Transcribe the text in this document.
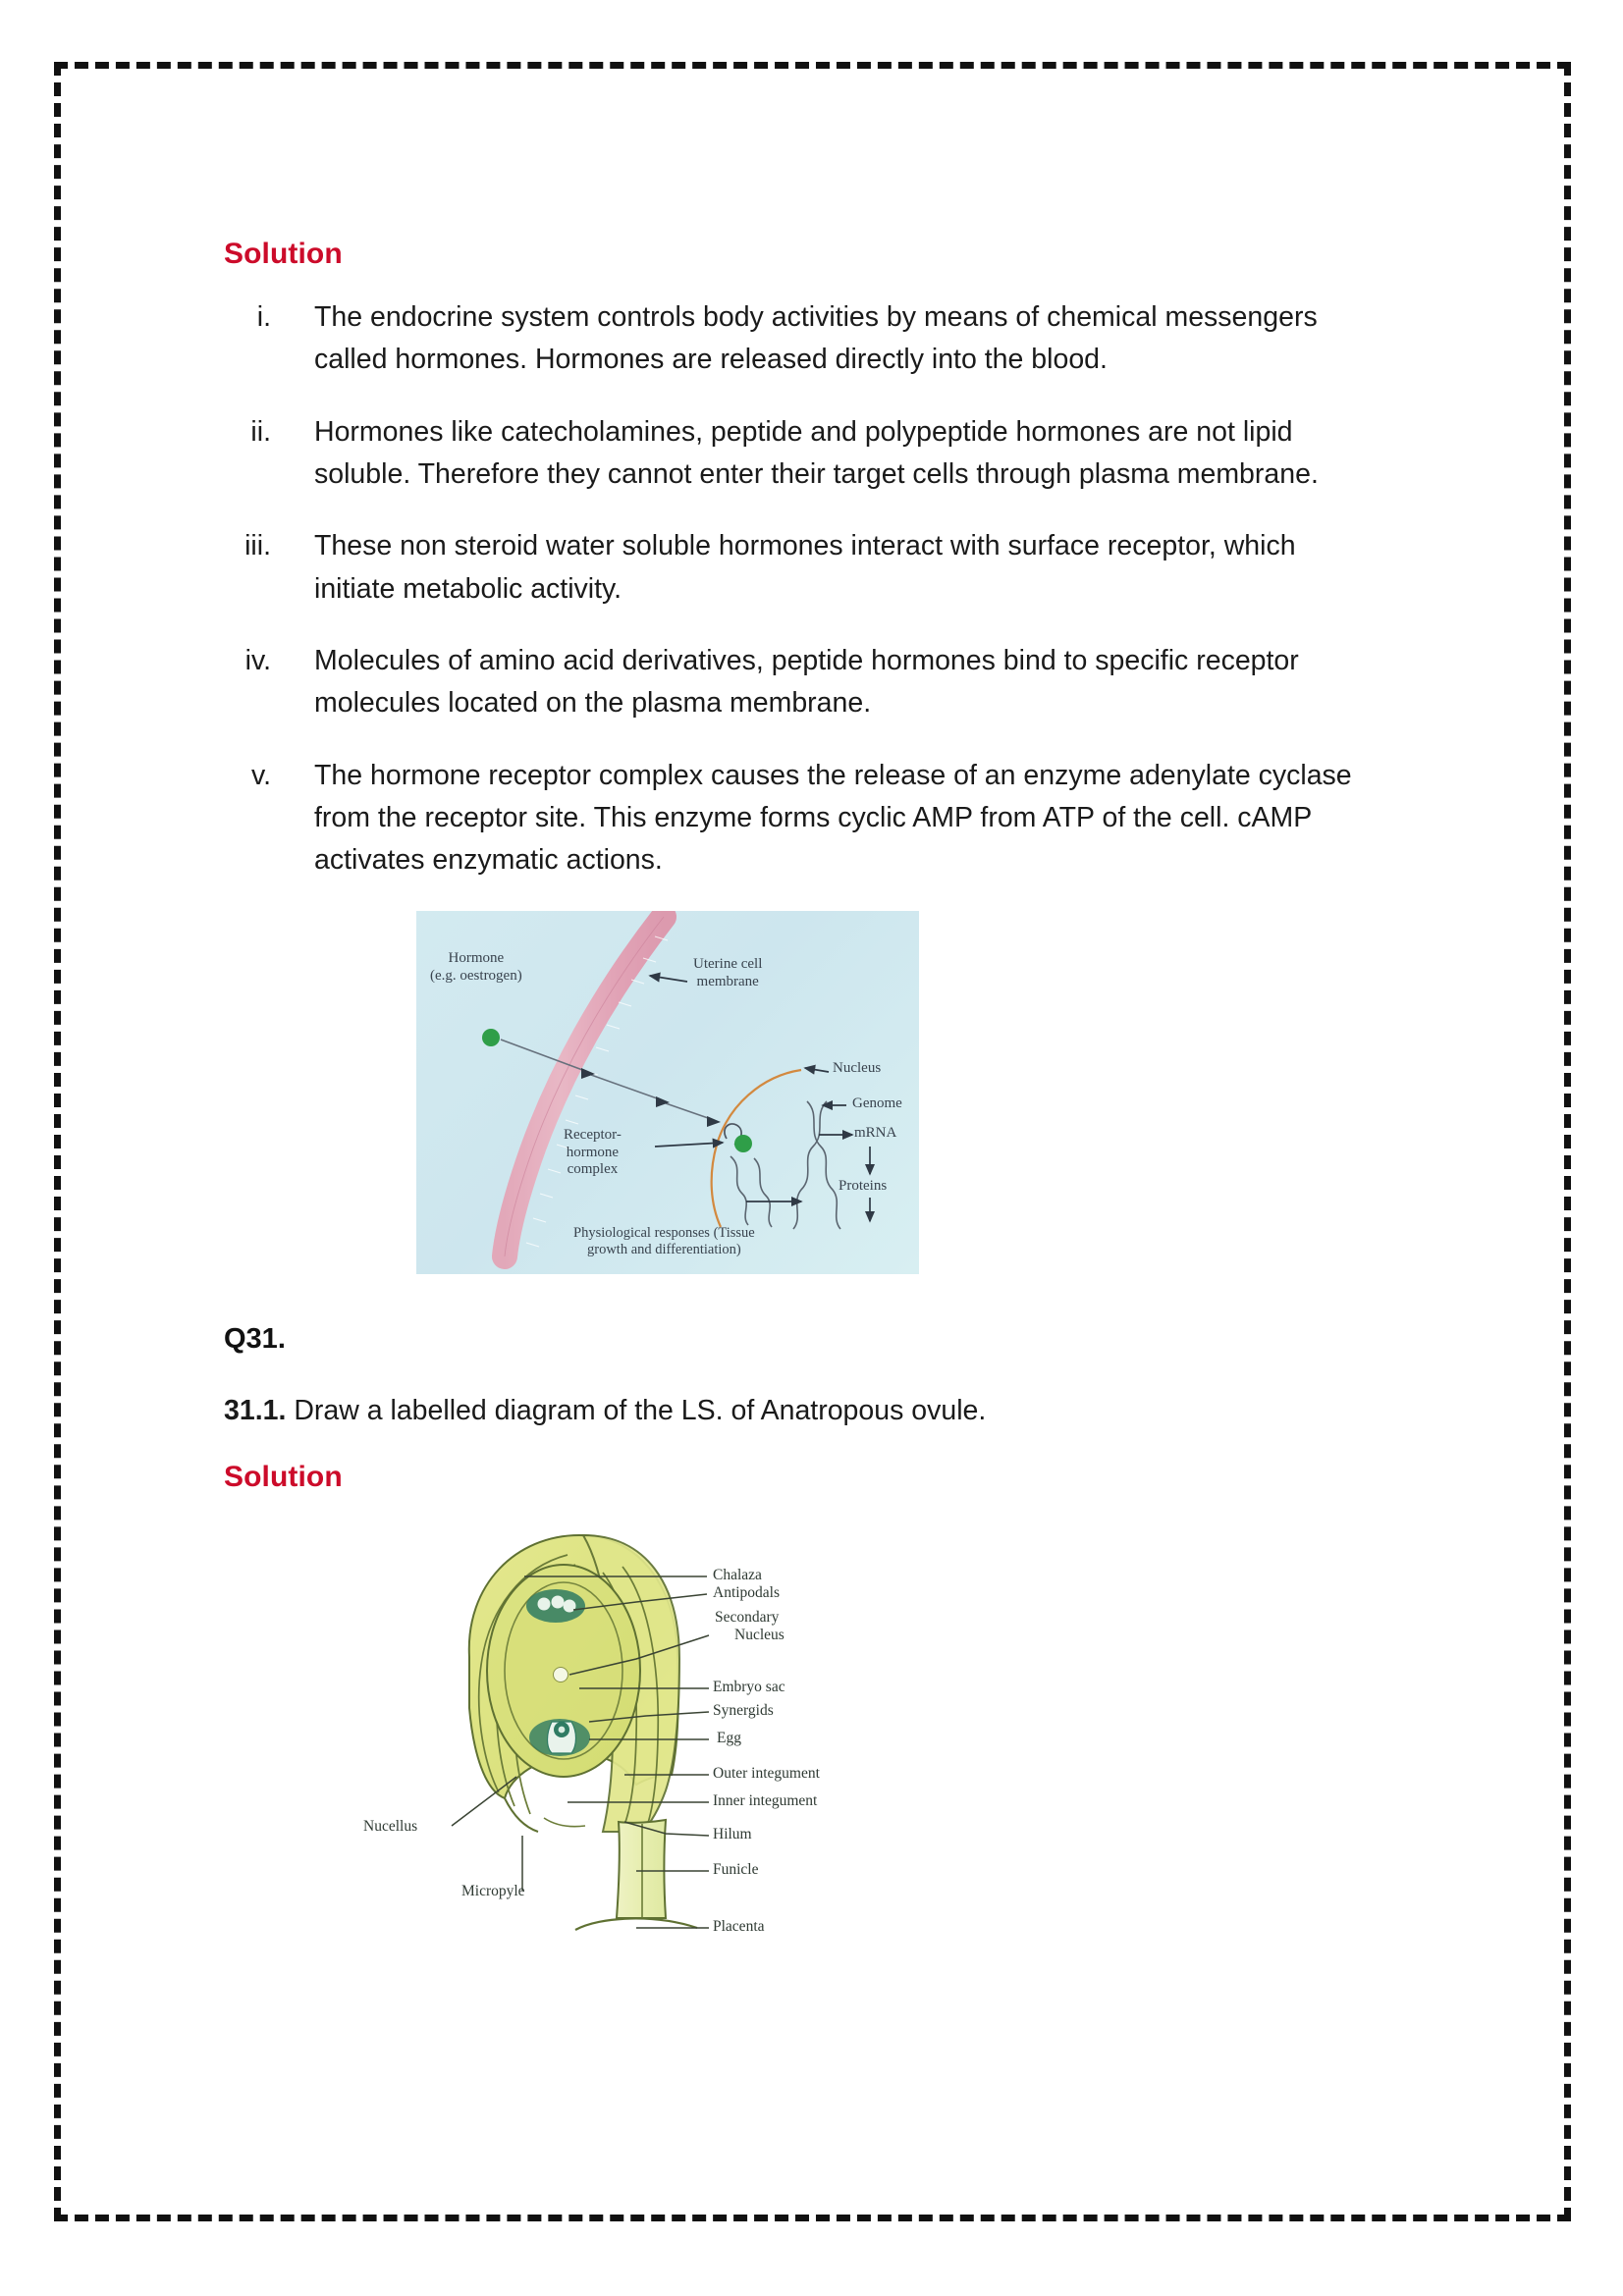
Solution
i.	The endocrine system controls body activities by means of chemical messengers called hormones. Hormones are released directly into the blood.
ii.	Hormones like catecholamines, peptide and polypeptide hormones are not lipid soluble. Therefore they cannot enter their target cells through plasma membrane.
iii.	These non steroid water soluble hormones interact with surface receptor, which initiate metabolic activity.
iv.	Molecules of amino acid derivatives, peptide hormones bind to specific receptor molecules located on the plasma membrane.
v.	The hormone receptor complex causes the release of an enzyme adenylate cyclase from the receptor site. This enzyme forms cyclic AMP from ATP of the cell. cAMP activates enzymatic actions.
Hormone
(e.g. oestrogen)
Uterine cell
membrane
Receptor-
hormone
complex
Nucleus
Genome
mRNA
Proteins
Physiological responses (Tissue
growth and differentiation)
Q31.
31.1. Draw a labelled diagram of the LS. of Anatropous ovule.
Solution
Chalaza
Antipodals
Secondary
Nucleus
Embryo sac
Synergids
Egg
Outer integument
Inner integument
Hilum
Funicle
Placenta
Nucellus
Micropyle
